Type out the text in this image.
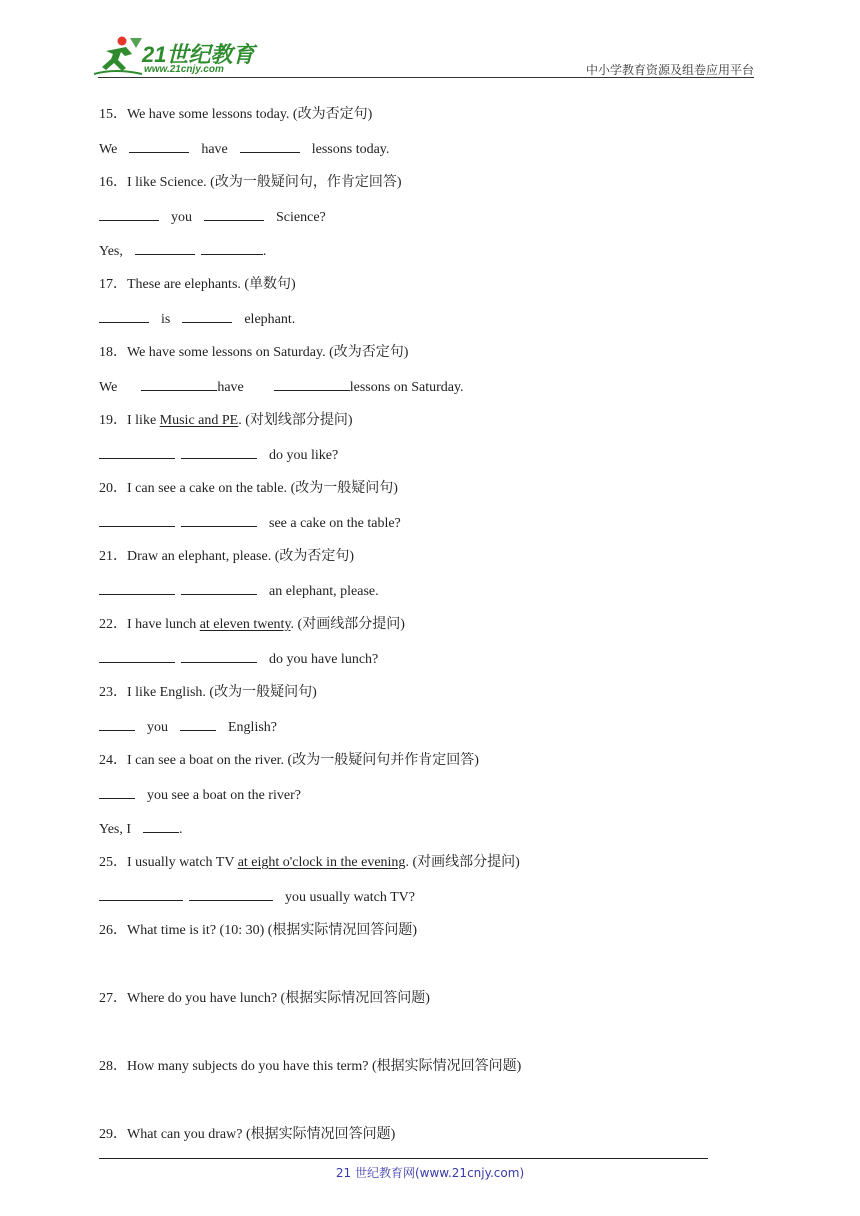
21世纪教育
www.21cnjy.com	中小学教育资源及组卷应用平台
15．We have some lessons today. (改为否定句)
We	have	lessons today.
16．I like Science. (改为一般疑问句，作肯定回答)
you	Science?
Yes,	.
17．These are elephants. (单数句)
is	elephant.
18．We have some lessons on Saturday. (改为否定句)
We	have	lessons on Saturday.
19．I like Music and PE. (对划线部分提问)
do you like?
20．I can see a cake on the table. (改为一般疑问句)
see a cake on the table?
21．Draw an elephant, please. (改为否定句)
an elephant, please.
22．I have lunch at eleven twenty. (对画线部分提问)
do you have lunch?
23．I like English. (改为一般疑问句)
you	English?
24．I can see a boat on the river. (改为一般疑问句并作肯定回答)
you see a boat on the river?
Yes, I	.
25．I usually watch TV at eight o'clock in the evening. (对画线部分提问)
you usually watch TV?
26．What time is it? (10: 30) (根据实际情况回答问题)
27．Where do you have lunch? (根据实际情况回答问题)
28．How many subjects do you have this term? (根据实际情况回答问题)
29．What can you draw? (根据实际情况回答问题)
21 世纪教育网(www.21cnjy.com)
